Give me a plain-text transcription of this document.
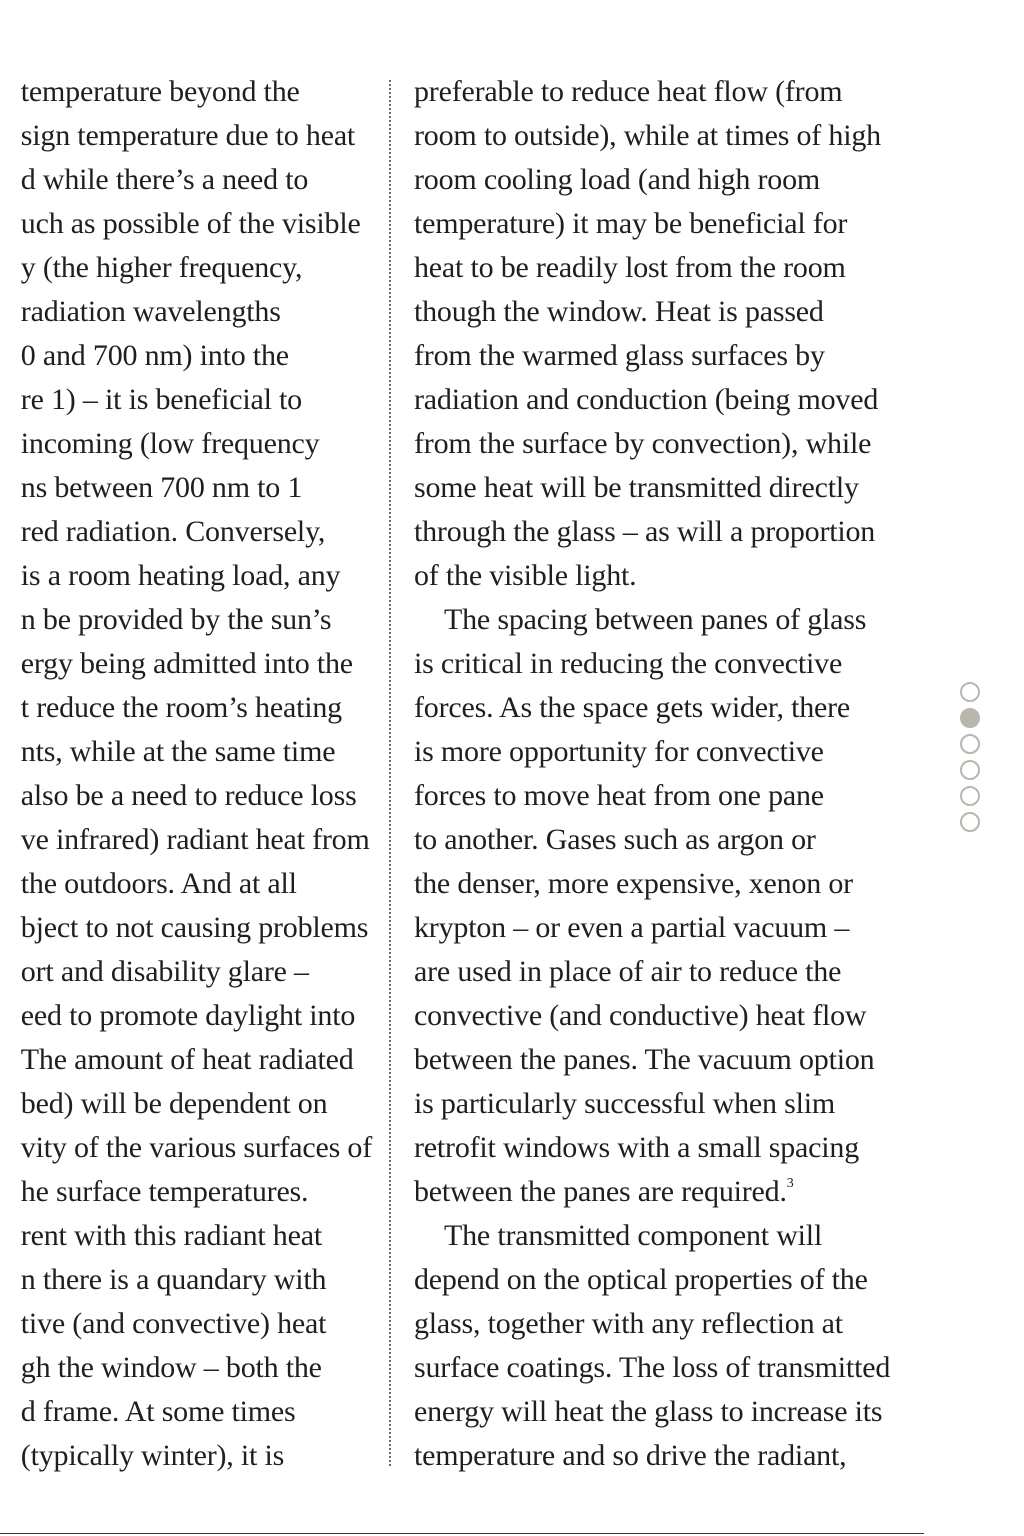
temperature beyond the
sign temperature due to heat
d while there’s a need to
uch as possible of the visible
y (the higher frequency,
radiation wavelengths
0 and 700 nm) into the
re 1) – it is beneficial to
incoming (low frequency
ns between 700 nm to 1
red radiation. Conversely,
is a room heating load, any
n be provided by the sun’s
ergy being admitted into the
t reduce the room’s heating
nts, while at the same time
also be a need to reduce loss
ve infrared) radiant heat from
the outdoors. And at all
bject to not causing problems
ort and disability glare –
eed to promote daylight into
The amount of heat radiated
bed) will be dependent on
vity of the various surfaces of
he surface temperatures.
rent with this radiant heat
n there is a quandary with
tive (and convective) heat
gh the window – both the
d frame. At some times
(typically winter), it is
preferable to reduce heat flow (from
room to outside), while at times of high
room cooling load (and high room
temperature) it may be beneficial for
heat to be readily lost from the room
though the window. Heat is passed
from the warmed glass surfaces by
radiation and conduction (being moved
from the surface by convection), while
some heat will be transmitted directly
through the glass – as will a proportion
of the visible light.
The spacing between panes of glass
is critical in reducing the convective
forces. As the space gets wider, there
is more opportunity for convective
forces to move heat from one pane
to another. Gases such as argon or
the denser, more expensive, xenon or
krypton – or even a partial vacuum –
are used in place of air to reduce the
convective (and conductive) heat flow
between the panes. The vacuum option
is particularly successful when slim
retrofit windows with a small spacing
between the panes are required.$^3$
The transmitted component will
depend on the optical properties of the
glass, together with any reflection at
surface coatings. The loss of transmitted
energy will heat the glass to increase its
temperature and so drive the radiant,
